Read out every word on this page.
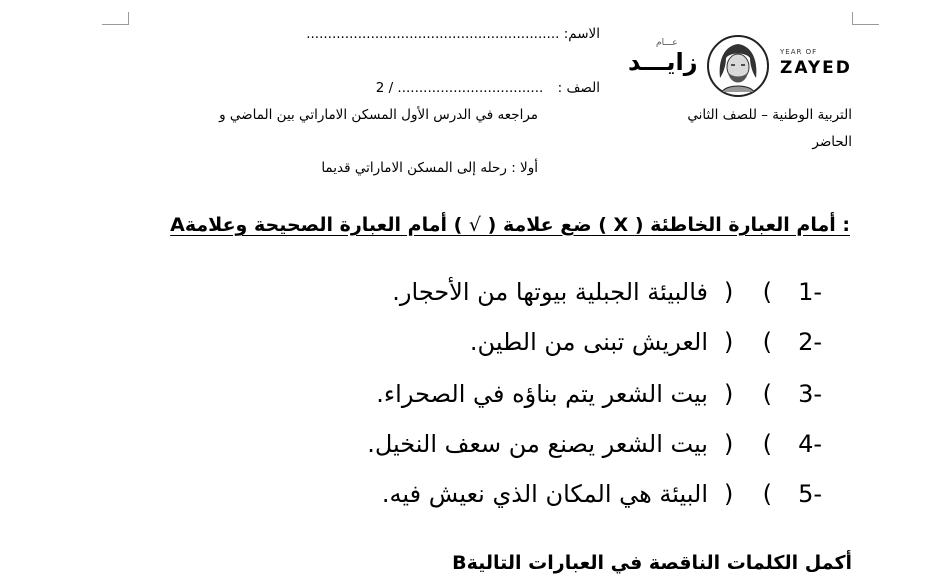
الاسم: ...........................................................
الصف : 2 / ..................................
التربية الوطنية – للصف الثاني
الحاضر
مراجعه في الدرس الأول المسكن الاماراتي بين الماضي و
أولا : رحله إلى المسكن الاماراتي قديما
عـــام
زايـــد	YEAR OF
ZAYED
Aضع علامة ( √ ) أمام العبارة الصحيحة وعلامة ( X ) أمام العبارة الخاطئة :
1-
) (
فالبيئة الجبلية بيوتها من الأحجار.
2-
) (
العريش تبنى من الطين.
3-
) (
بيت الشعر يتم بناؤه في الصحراء.
4-
) (
بيت الشعر يصنع من سعف النخيل.
5-
) (
البيئة هي المكان الذي نعيش فيه.
Bأكمل الكلمات الناقصة في العبارات التالية
